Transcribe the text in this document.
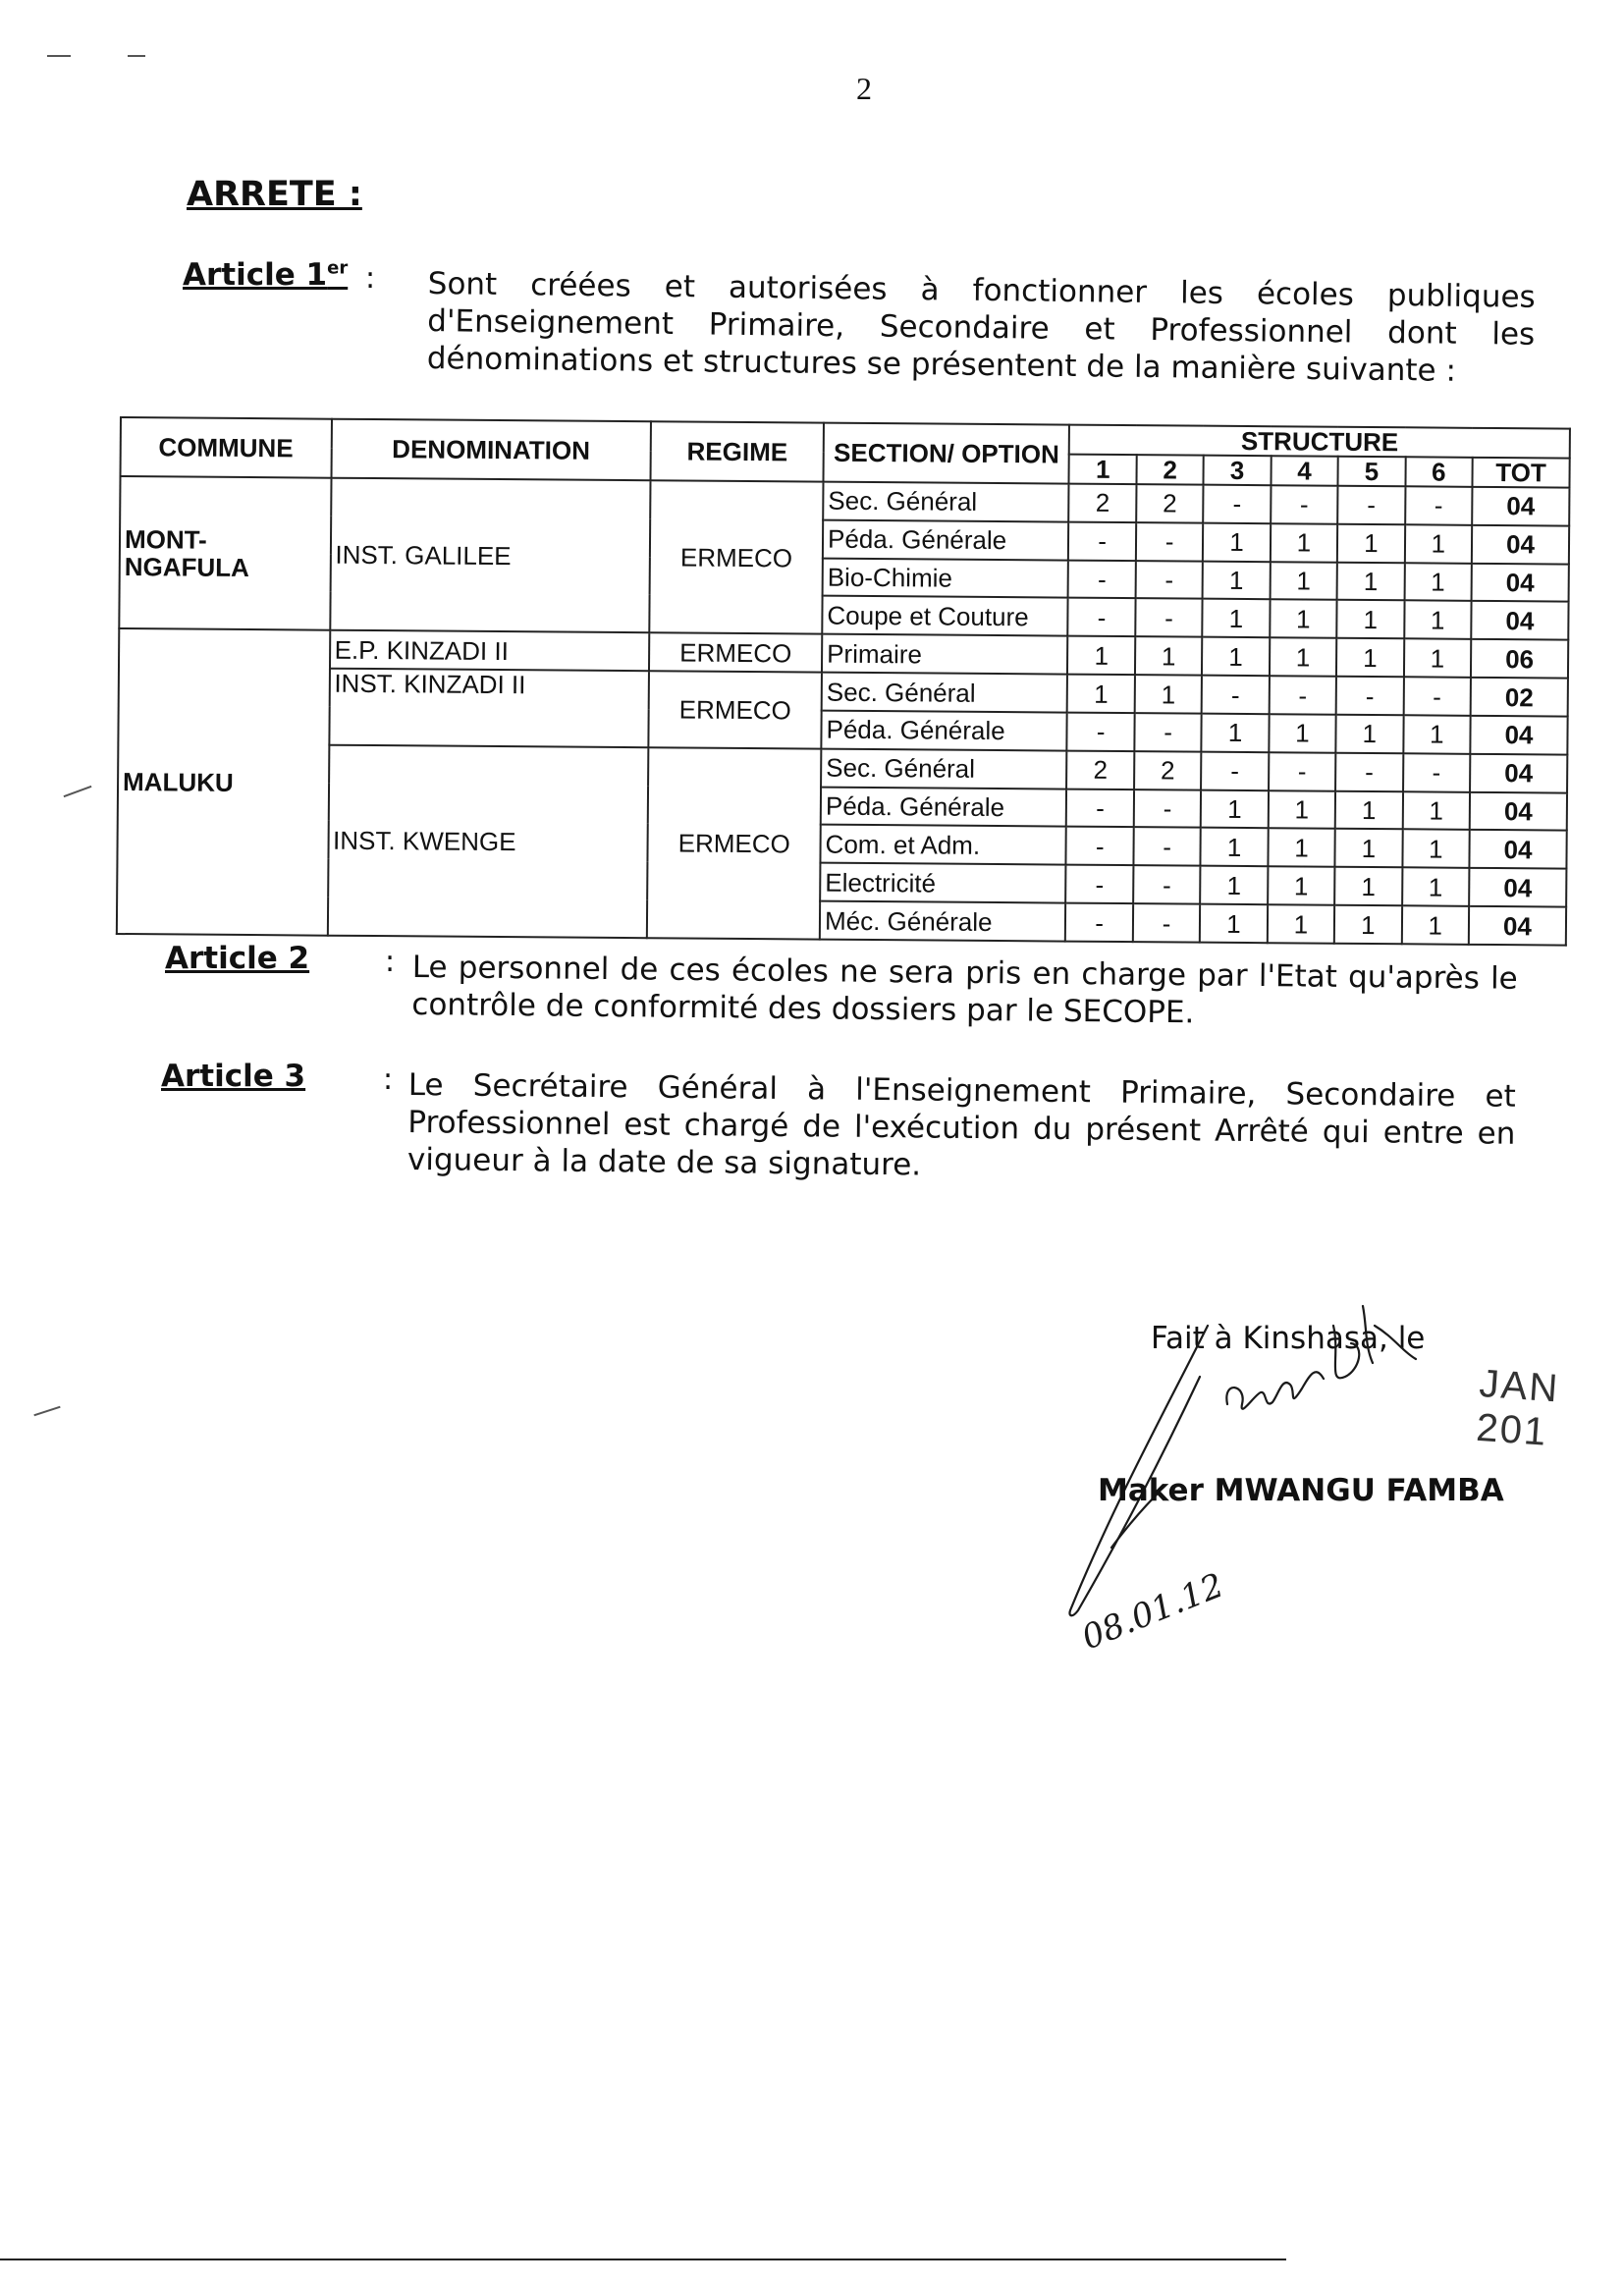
2
ARRETE :
Article 1er : Sont créées et autorisées à fonctionner les écoles publiques d'Enseignement Primaire, Secondaire et Professionnel dont les dénominations et structures se présentent de la manière suivante :
COMMUNE	DENOMINATION	REGIME	SECTION/ OPTION	STRUCTURE						
				1	2	3	4	5	6	TOT
MONT-NGAFULA	INST. GALILEE	ERMECO	Sec. Général	2	2	-	-	-	-	04
			Péda. Générale	-	-	1	1	1	1	04
			Bio-Chimie	-	-	1	1	1	1	04
			Coupe et Couture	-	-	1	1	1	1	04
MALUKU	E.P. KINZADI II	ERMECO	Primaire	1	1	1	1	1	1	06
	INST. KINZADI II	ERMECO	Sec. Général	1	1	-	-	-	-	02
			Péda. Générale	-	-	1	1	1	1	04
	INST. KWENGE	ERMECO	Sec. Général	2	2	-	-	-	-	04
			Péda. Générale	-	-	1	1	1	1	04
			Com. et Adm.	-	-	1	1	1	1	04
			Electricité	-	-	1	1	1	1	04
			Méc. Générale	-	-	1	1	1	1	04
Article 2	: Le personnel de ces écoles ne sera pris en charge par l'Etat qu'après le contrôle de conformité des dossiers par le SECOPE.
Article 3	: Le Secrétaire Général à l'Enseignement Primaire, Secondaire et Professionnel est chargé de l'exécution du présent Arrêté qui entre en vigueur à la date de sa signature.
Fait à Kinshasa, le
JAN 201
08.01.12
Maker MWANGU FAMBA
